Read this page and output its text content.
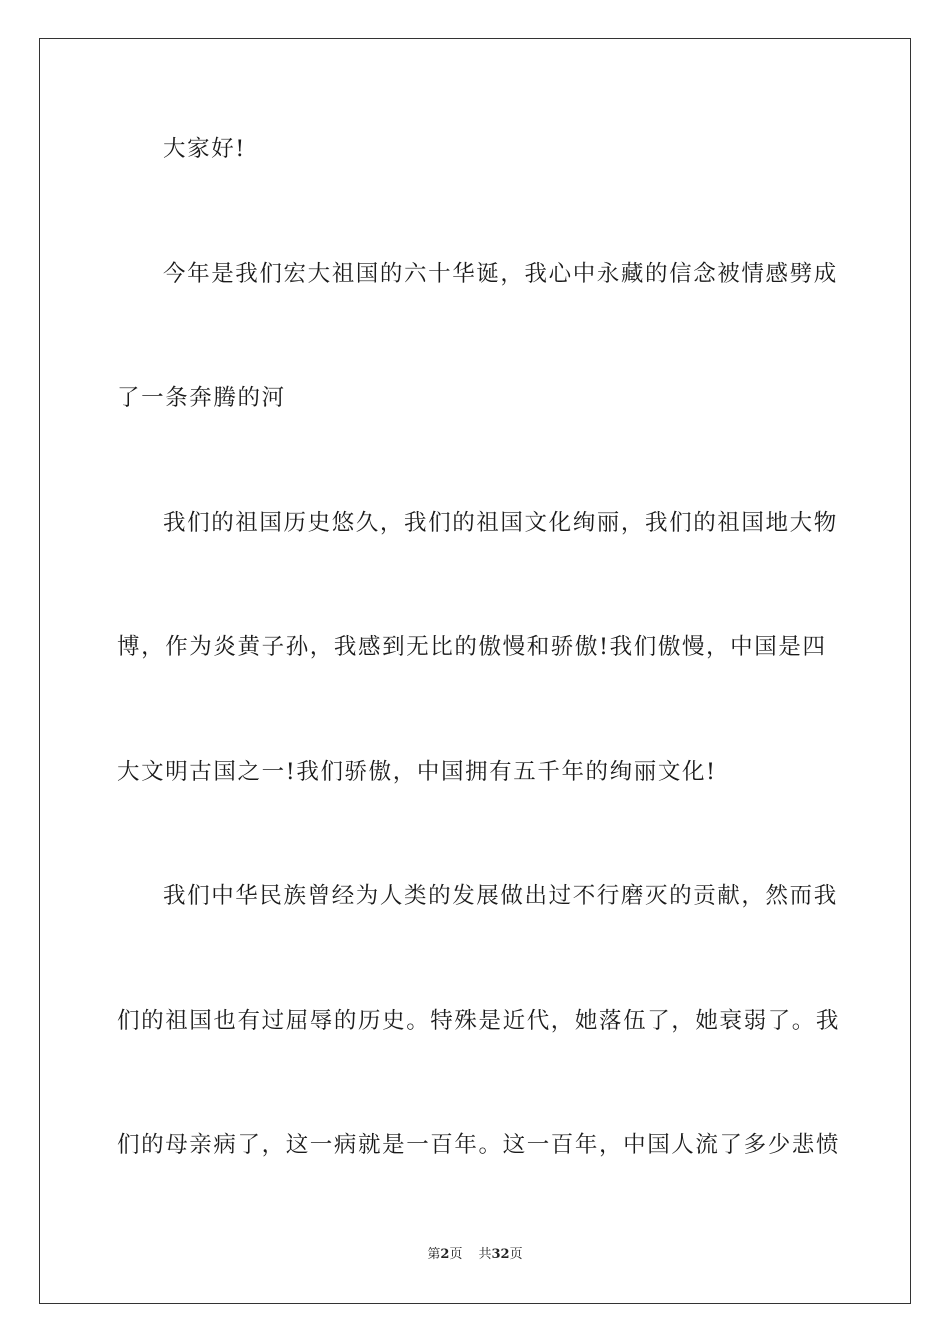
大家好!
今年是我们宏大祖国的六十华诞，我心中永藏的信念被情感劈成
了一条奔腾的河
我们的祖国历史悠久，我们的祖国文化绚丽，我们的祖国地大物
博，作为炎黄子孙，我感到无比的傲慢和骄傲!我们傲慢，中国是四
大文明古国之一!我们骄傲，中国拥有五千年的绚丽文化!
我们中华民族曾经为人类的发展做出过不行磨灭的贡献，然而我
们的祖国也有过屈辱的历史。特殊是近代，她落伍了，她衰弱了。我
们的母亲病了，这一病就是一百年。这一百年，中国人流了多少悲愤
第2页 共32页
